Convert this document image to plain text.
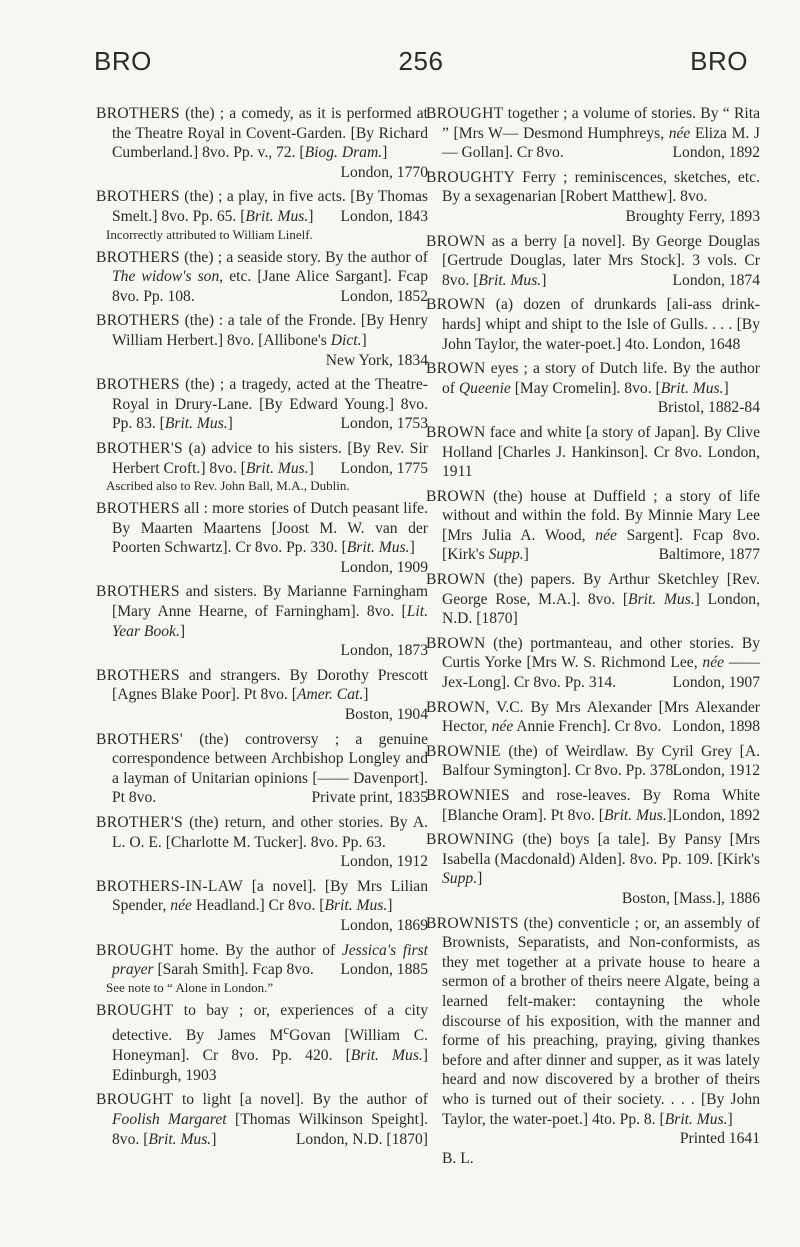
BRO	256	BRO

BROTHERS (the) ; a comedy, as it is performed at the Theatre Royal in Covent-Garden. [By Richard Cumberland.] 8vo. Pp. v., 72. [Biog. Dram.]
London, 1770

BROTHERS (the) ; a play, in five acts. [By Thomas Smelt.] 8vo. Pp. 65. [Brit. Mus.] London, 1843
Incorrectly attributed to William Linelf.

BROTHERS (the) ; a seaside story. By the author of The widow's son, etc. [Jane Alice Sargant]. Fcap 8vo. Pp. 108.	London, 1852

BROTHERS (the) : a tale of the Fronde. [By Henry William Herbert.] 8vo. [Allibone's Dict.]
New York, 1834

BROTHERS (the) ; a tragedy, acted at the Theatre-Royal in Drury-Lane. [By Edward Young.] 8vo. Pp. 83. [Brit. Mus.]	London, 1753

BROTHER'S (a) advice to his sisters. [By Rev. Sir Herbert Croft.] 8vo. [Brit. Mus.] London, 1775
Ascribed also to Rev. John Ball, M.A., Dublin.

BROTHERS all : more stories of Dutch peasant life. By Maarten Maartens [Joost M. W. van der Poorten Schwartz]. Cr 8vo. Pp. 330. [Brit. Mus.]
London, 1909

BROTHERS and sisters. By Marianne Farningham [Mary Anne Hearne, of Farningham]. 8vo. [Lit. Year Book.]
London, 1873

BROTHERS and strangers. By Dorothy Prescott [Agnes Blake Poor]. Pt 8vo. [Amer. Cat.]
Boston, 1904

BROTHERS' (the) controversy ; a genuine correspondence between Archbishop Longley and a layman of Unitarian opinions [—— Davenport]. Pt 8vo.	Private print, 1835

BROTHER'S (the) return, and other stories. By A. L. O. E. [Charlotte M. Tucker]. 8vo. Pp. 63.
London, 1912

BROTHERS-IN-LAW [a novel]. [By Mrs Lilian Spender, née Headland.] Cr 8vo. [Brit. Mus.]
London, 1869

BROUGHT home. By the author of Jessica's first prayer [Sarah Smith]. Fcap 8vo. London, 1885
See note to “ Alone in London.”

BROUGHT to bay ; or, experiences of a city detective. By James $M^cGovan$ [William C. Honeyman]. Cr 8vo. Pp. 420. [Brit. Mus.] Edinburgh, 1903

BROUGHT to light [a novel]. By the author of Foolish Margaret [Thomas Wilkinson Speight]. 8vo. [Brit. Mus.]	London, N.D. [1870]

BROUGHT together ; a volume of stories. By “ Rita ” [Mrs W— Desmond Humphreys, née Eliza M. J— Gollan]. Cr 8vo.	London, 1892

BROUGHTY Ferry ; reminiscences, sketches, etc. By a sexagenarian [Robert Matthew]. 8vo.
Broughty Ferry, 1893

BROWN as a berry [a novel]. By George Douglas [Gertrude Douglas, later Mrs Stock]. 3 vols. Cr 8vo. [Brit. Mus.]	London, 1874

BROWN (a) dozen of drunkards [ali-ass drink-hards] whipt and shipt to the Isle of Gulls. . . . [By John Taylor, the water-poet.] 4to. London, 1648

BROWN eyes ; a story of Dutch life. By the author of Queenie [May Cromelin]. 8vo. [Brit. Mus.]
Bristol, 1882-84

BROWN face and white [a story of Japan]. By Clive Holland [Charles J. Hankinson]. Cr 8vo. London, 1911

BROWN (the) house at Duffield ; a story of life without and within the fold. By Minnie Mary Lee [Mrs Julia A. Wood, née Sargent]. Fcap 8vo. [Kirk's Supp.]	Baltimore, 1877

BROWN (the) papers. By Arthur Sketchley [Rev. George Rose, M.A.]. 8vo. [Brit. Mus.] London, N.D. [1870]

BROWN (the) portmanteau, and other stories. By Curtis Yorke [Mrs W. S. Richmond Lee, née —— Jex-Long]. Cr 8vo. Pp. 314.	London, 1907

BROWN, V.C. By Mrs Alexander [Mrs Alexander Hector, née Annie French]. Cr 8vo. London, 1898

BROWNIE (the) of Weirdlaw. By Cyril Grey [A. Balfour Symington]. Cr 8vo. Pp. 378.
London, 1912

BROWNIES and rose-leaves. By Roma White [Blanche Oram]. Pt 8vo. [Brit. Mus.] London, 1892

BROWNING (the) boys [a tale]. By Pansy [Mrs Isabella (Macdonald) Alden]. 8vo. Pp. 109. [Kirk's Supp.]
Boston, [Mass.], 1886

BROWNISTS (the) conventicle ; or, an assembly of Brownists, Separatists, and Non-conformists, as they met together at a private house to heare a sermon of a brother of theirs neere Algate, being a learned felt-maker: contayning the whole discourse of his exposition, with the manner and forme of his preaching, praying, giving thankes before and after dinner and supper, as it was lately heard and now discovered by a brother of theirs who is turned out of their society. . . . [By John Taylor, the water-poet.] 4to. Pp. 8. [Brit. Mus.]
Printed 1641
B. L.
